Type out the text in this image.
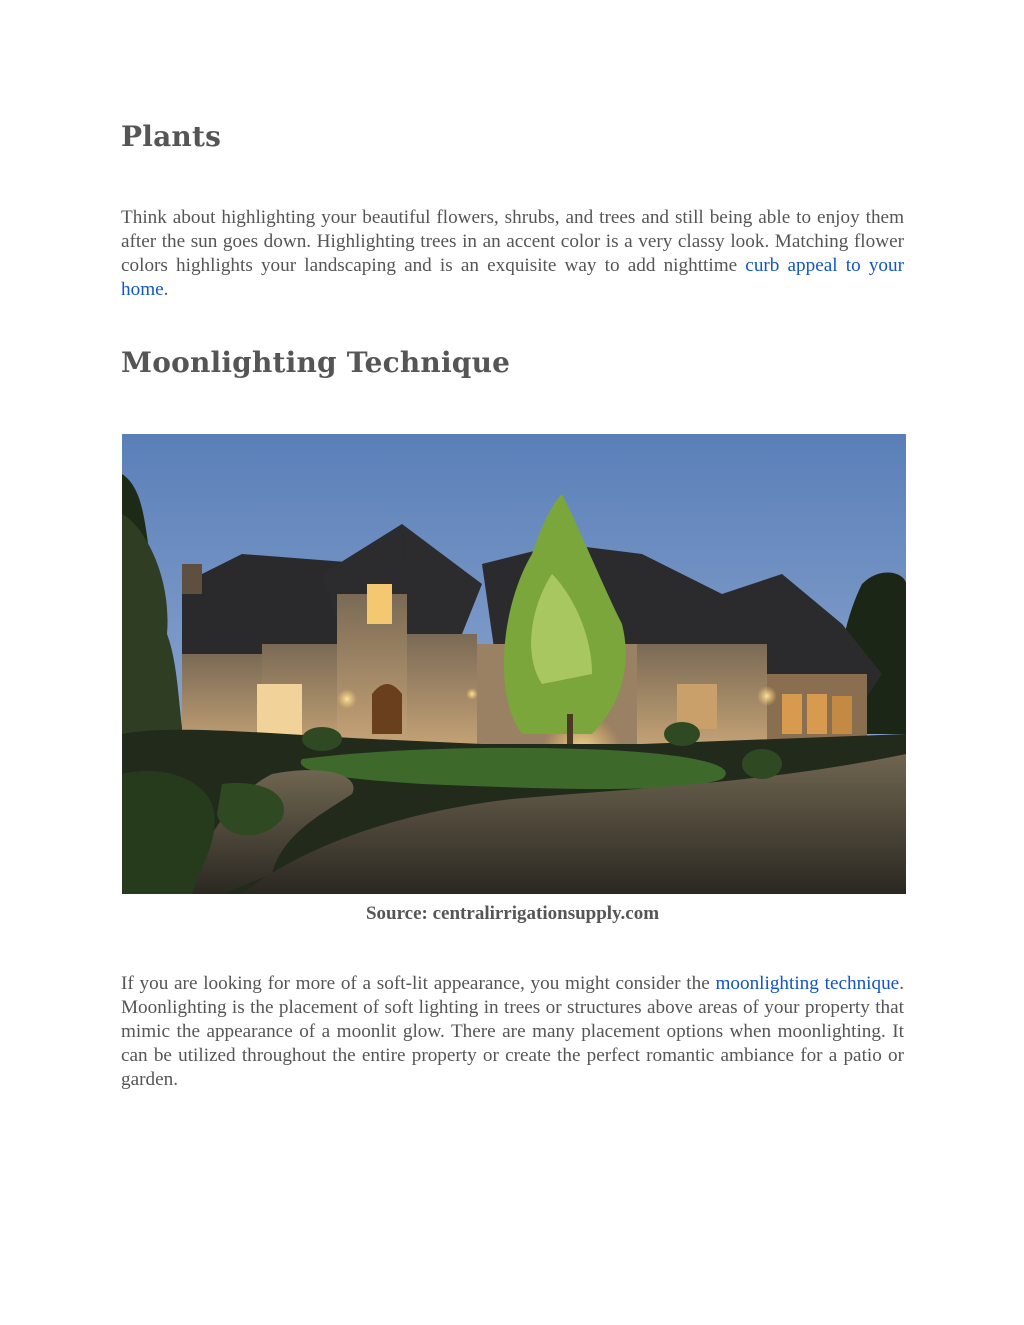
Plants

Think about highlighting your beautiful flowers, shrubs, and trees and still being able to enjoy them after the sun goes down. Highlighting trees in an accent color is a very classy look. Matching flower colors highlights your landscaping and is an exquisite way to add nighttime curb appeal to your home.

Moonlighting Technique
Source: centralirrigationsupply.com

If you are looking for more of a soft-lit appearance, you might consider the moonlighting technique. Moonlighting is the placement of soft lighting in trees or structures above areas of your property that mimic the appearance of a moonlit glow. There are many placement options when moonlighting. It can be utilized throughout the entire property or create the perfect romantic ambiance for a patio or garden.
